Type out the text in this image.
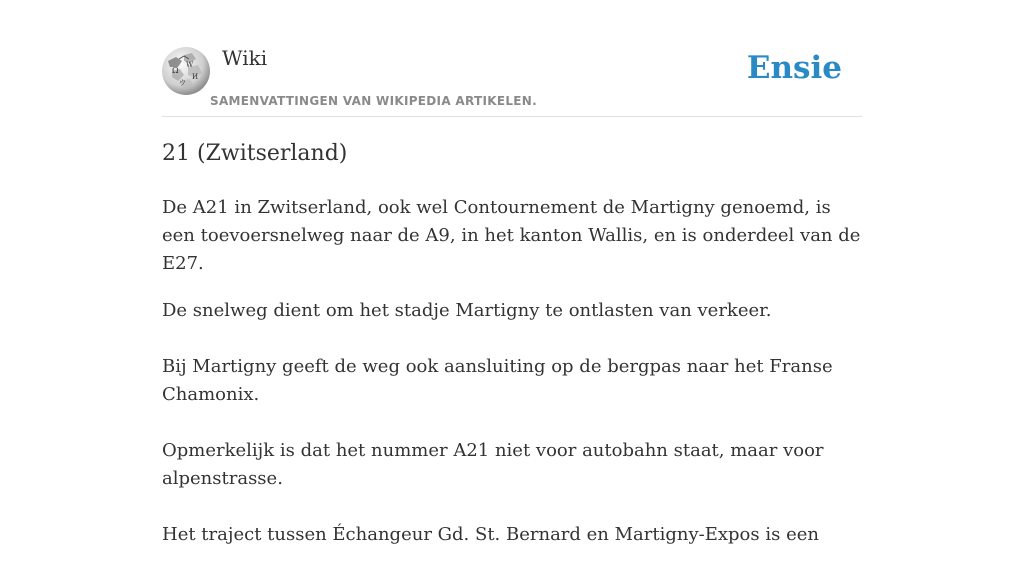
Ω
W
И
ウ
Wiki
SAMENVATTINGEN VAN WIKIPEDIA ARTIKELEN.
Ensie
21 (Zwitserland)

De A21 in Zwitserland, ook wel Contournement de Martigny genoemd, is een toevoersnelweg naar de A9, in het kanton Wallis, en is onderdeel van de E27.

De snelweg dient om het stadje Martigny te ontlasten van verkeer.

Bij Martigny geeft de weg ook aansluiting op de bergpas naar het Franse Chamonix.

Opmerkelijk is dat het nummer A21 niet voor autobahn staat, maar voor alpenstrasse.

Het traject tussen Échangeur Gd. St. Bernard en Martigny-Expos is een
